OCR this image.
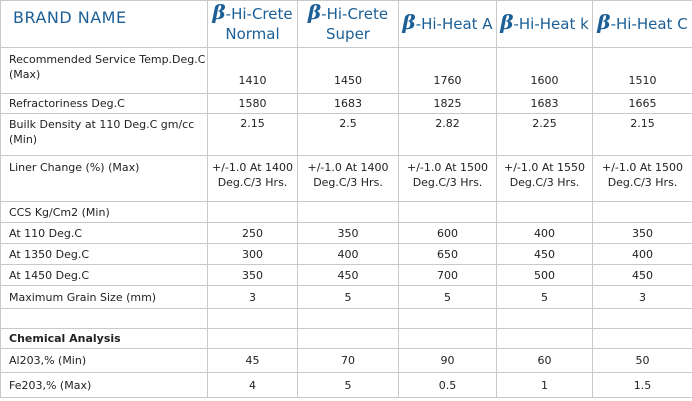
BRAND NAME	β-Hi-Crete Normal	β-Hi-Crete Super	β-Hi-Heat A	β-Hi-Heat k	β-Hi-Heat C
Recommended Service Temp.Deg.C (Max)	1410	1450	1760	1600	1510
Refractoriness Deg.C	1580	1683	1825	1683	1665
Builk Density at 110 Deg.C gm/cc (Min)	2.15	2.5	2.82	2.25	2.15
Liner Change (%) (Max)	+/-1.0 At 1400 Deg.C/3 Hrs.	+/-1.0 At 1400 Deg.C/3 Hrs.	+/-1.0 At 1500 Deg.C/3 Hrs.	+/-1.0 At 1550 Deg.C/3 Hrs.	+/-1.0 At 1500 Deg.C/3 Hrs.
CCS Kg/Cm2 (Min)					
At 110 Deg.C	250	350	600	400	350
At 1350 Deg.C	300	400	650	450	400
At 1450 Deg.C	350	450	700	500	450
Maximum Grain Size (mm)	3	5	5	5	3

Chemical Analysis					
Al203,% (Min)	45	70	90	60	50
Fe203,% (Max)	4	5	0.5	1	1.5
